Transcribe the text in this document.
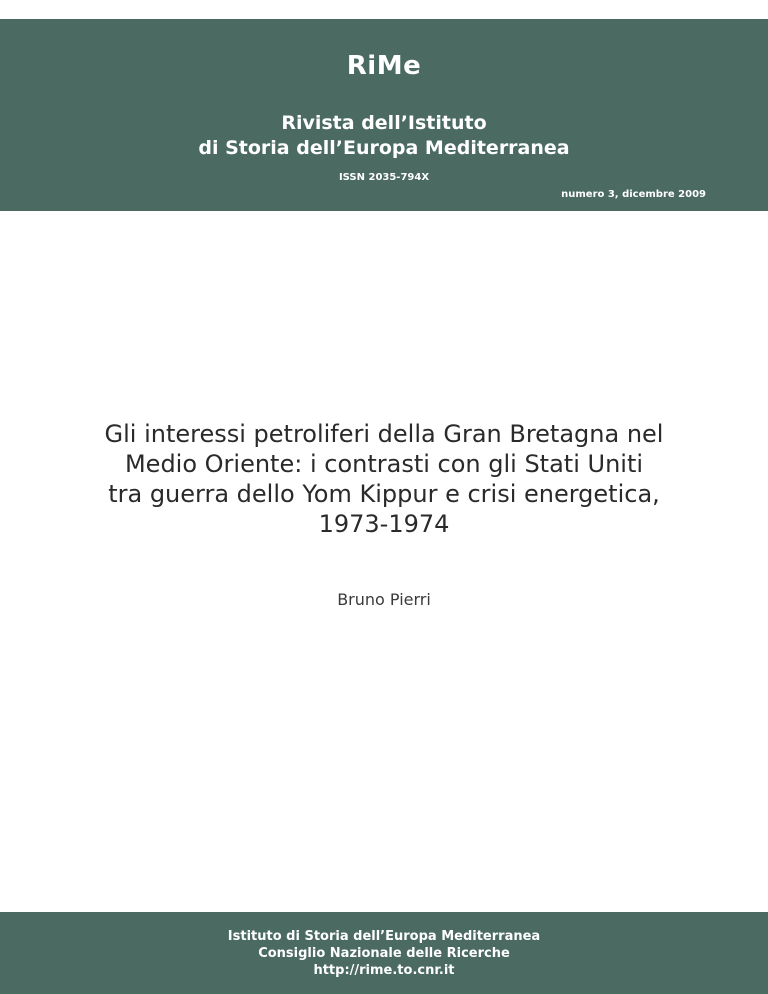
RiMe
Rivista dell’Istituto
di Storia dell’Europa Mediterranea
ISSN 2035-794X
numero 3, dicembre 2009
Gli interessi petroliferi della Gran Bretagna nel
Medio Oriente: i contrasti con gli Stati Uniti
tra guerra dello Yom Kippur e crisi energetica,
1973-1974
Bruno Pierri
Istituto di Storia dell’Europa Mediterranea
Consiglio Nazionale delle Ricerche
http://rime.to.cnr.it
